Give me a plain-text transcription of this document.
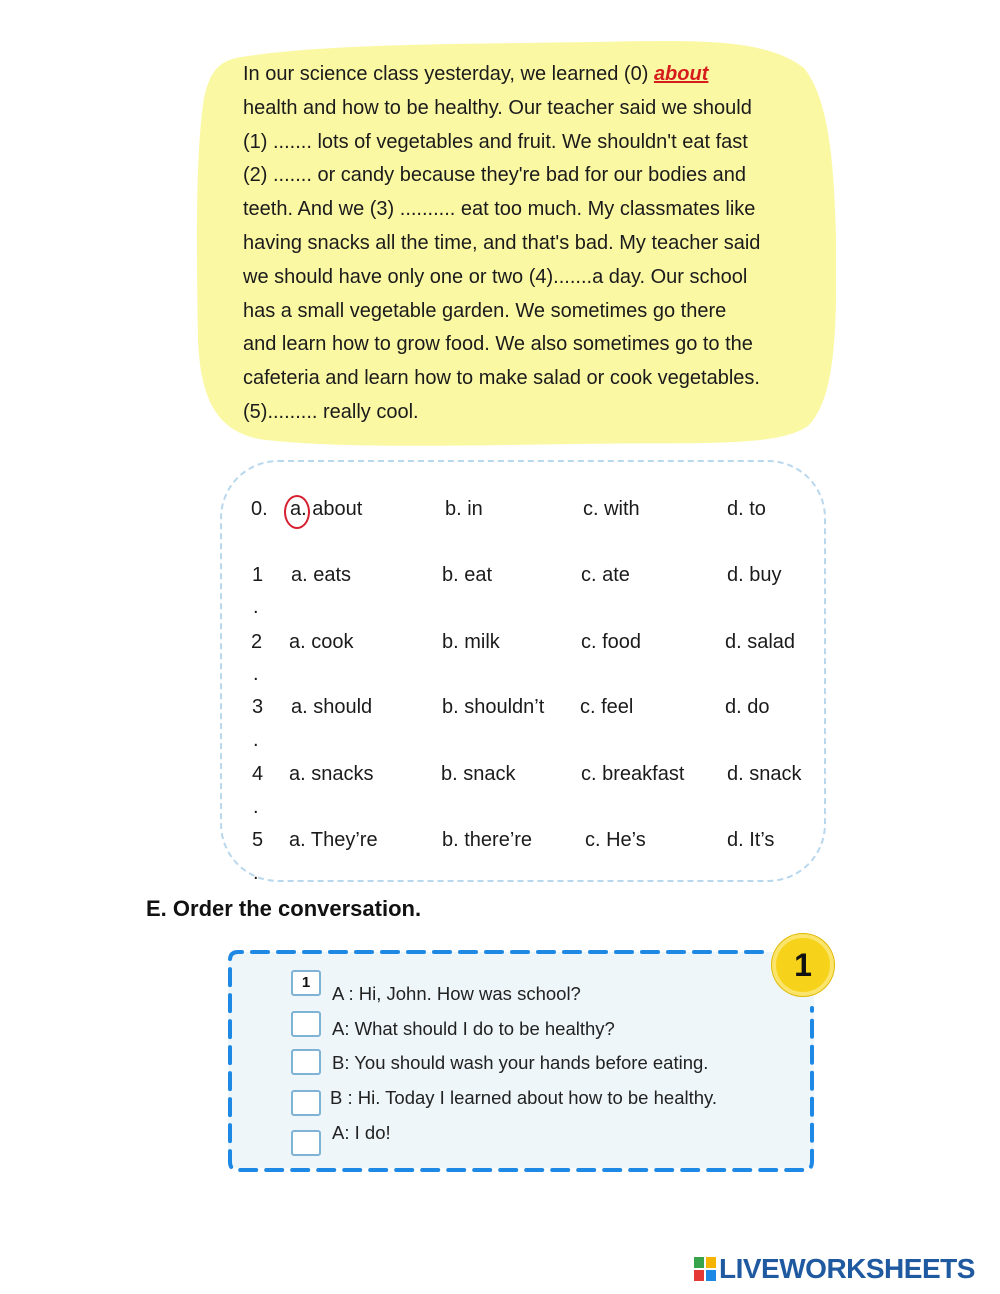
In our science class yesterday, we learned (0) about
health and how to be healthy. Our teacher said we should
(1) ....... lots of vegetables and fruit. We shouldn't eat fast
(2) ....... or candy because they're bad for our bodies and
teeth. And we (3) .......... eat too much. My classmates like
having snacks all the time, and that's bad. My teacher said
we should have only one or two (4).......a day. Our school
has a small vegetable garden. We sometimes go there
and learn how to grow food. We also sometimes go to the
cafeteria and learn how to make salad or cook vegetables.
(5)......... really cool.
0. a. about	b. in	c. with	d. to
1 a. eats	b. eat	c. ate	d. buy
.
2 a. cook	b. milk	c. food	d. salad
.
3 a. should	b. shouldn’t c. feel	d. do
.
4 a. snacks	b. snack	c. breakfast d. snack
.
5 a. They’re	b. there’re	c. He’s	d. It’s
.
E. Order the conversation.
1
1
A : Hi, John. How was school?
A: What should I do to be healthy?
B: You should wash your hands before eating.
B : Hi. Today I learned about how to be healthy.
A: I do!
LIVEWORKSHEETS
